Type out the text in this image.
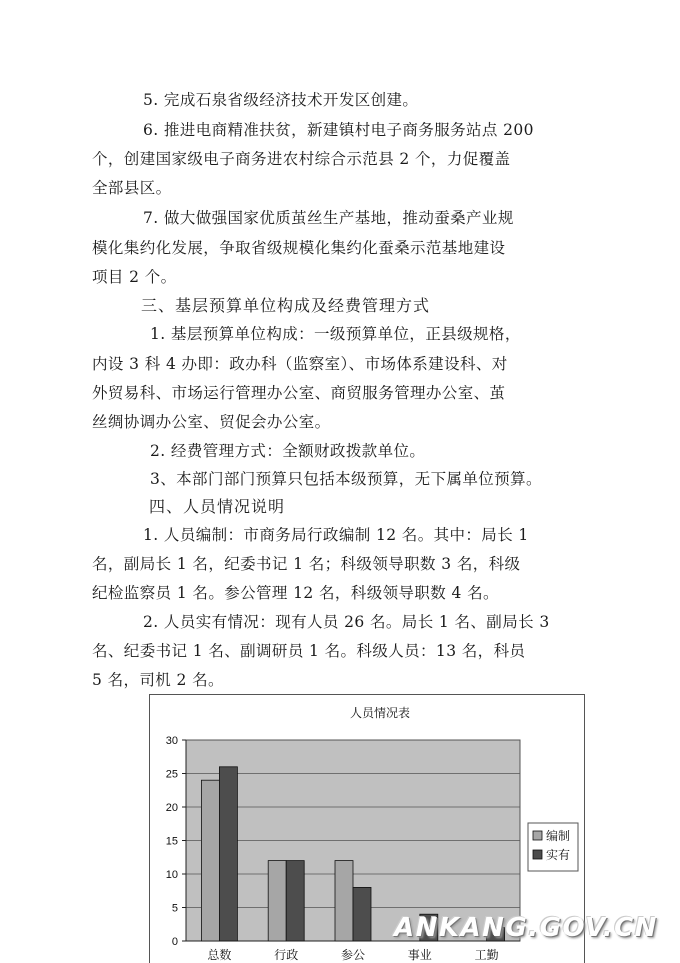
5. 完成石泉省级经济技术开发区创建。
6. 推进电商精准扶贫，新建镇村电子商务服务站点 200
个，创建国家级电子商务进农村综合示范县 2 个，力促覆盖
全部县区。
7. 做大做强国家优质茧丝生产基地，推动蚕桑产业规
模化集约化发展，争取省级规模化集约化蚕桑示范基地建设
项目 2 个。
三、基层预算单位构成及经费管理方式
1. 基层预算单位构成：一级预算单位，正县级规格，
内设 3 科 4 办即：政办科（监察室）、市场体系建设科、对
外贸易科、市场运行管理办公室、商贸服务管理办公室、茧
丝绸协调办公室、贸促会办公室。
2. 经费管理方式：全额财政拨款单位。
3、本部门部门预算只包括本级预算，无下属单位预算。
四、人员情况说明
1. 人员编制：市商务局行政编制 12 名。其中：局长 1
名，副局长 1 名，纪委书记 1 名；科级领导职数 3 名，科级
纪检监察员 1 名。参公管理 12 名，科级领导职数 4 名。
2. 人员实有情况：现有人员 26 名。局长 1 名、副局长 3
名、纪委书记 1 名、副调研员 1 名。科级人员：13 名，科员
5 名，司机 2 名。
人员情况表
0
5
10
15
20
25
30
总数	行政	参公	事业	工勤
编制
实有
ANKANG.GOV.CN
